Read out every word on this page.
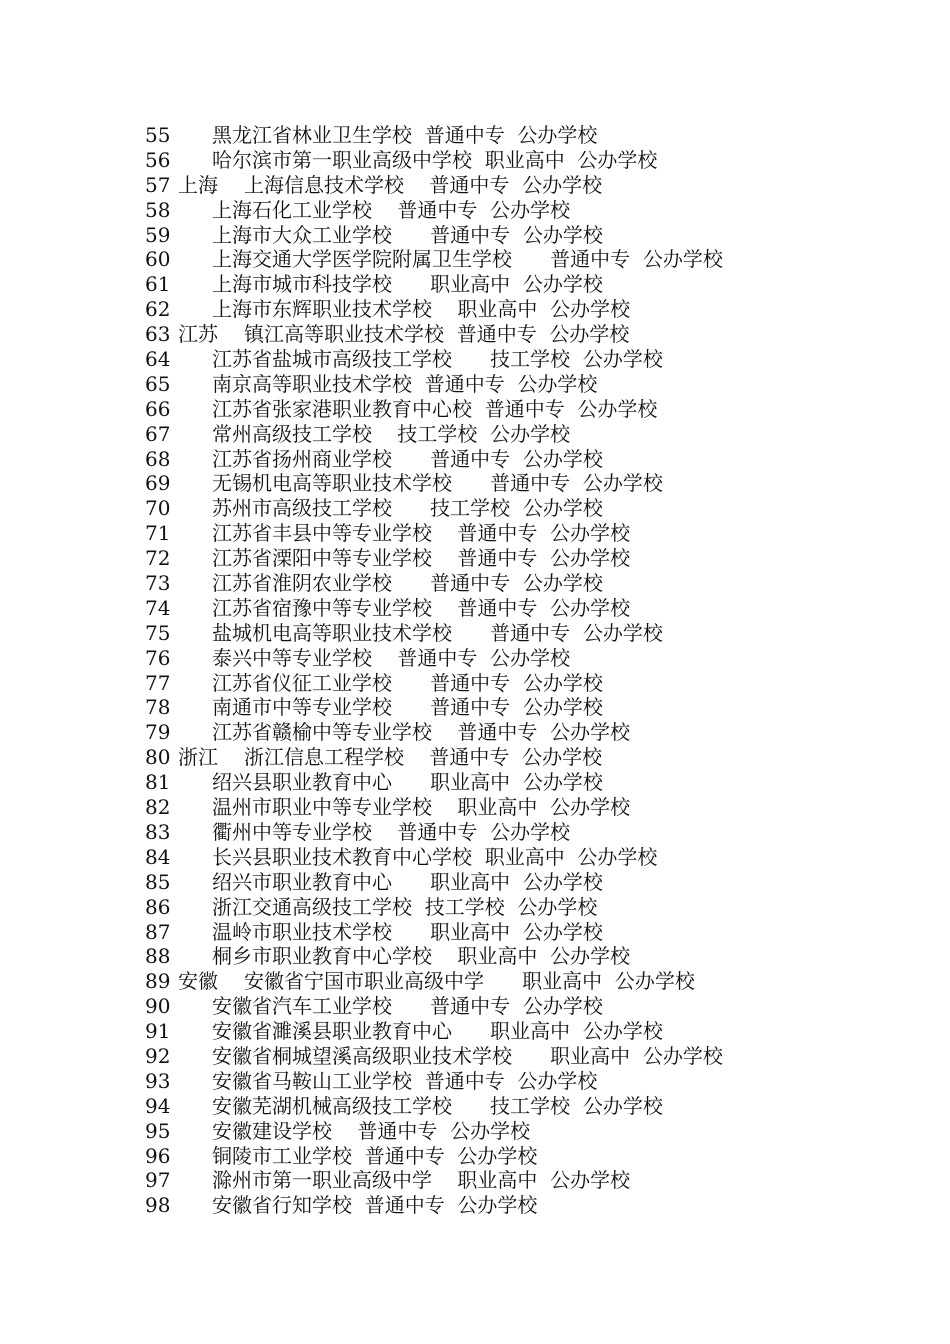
55 黑龙江省林业卫生学校  普通中专  公办学校
56 哈尔滨市第一职业高级中学校  职业高中  公办学校
57 上海 上海信息技术学校    普通中专  公办学校
58 上海石化工业学校    普通中专  公办学校
59 上海市大众工业学校      普通中专  公办学校
60 上海交通大学医学院附属卫生学校      普通中专  公办学校
61 上海市城市科技学校      职业高中  公办学校
62 上海市东辉职业技术学校    职业高中  公办学校
63 江苏 镇江高等职业技术学校  普通中专  公办学校
64 江苏省盐城市高级技工学校      技工学校  公办学校
65 南京高等职业技术学校  普通中专  公办学校
66 江苏省张家港职业教育中心校  普通中专  公办学校
67 常州高级技工学校    技工学校  公办学校
68 江苏省扬州商业学校      普通中专  公办学校
69 无锡机电高等职业技术学校      普通中专  公办学校
70 苏州市高级技工学校      技工学校  公办学校
71 江苏省丰县中等专业学校    普通中专  公办学校
72 江苏省溧阳中等专业学校    普通中专  公办学校
73 江苏省淮阴农业学校      普通中专  公办学校
74 江苏省宿豫中等专业学校    普通中专  公办学校
75 盐城机电高等职业技术学校      普通中专  公办学校
76 泰兴中等专业学校    普通中专  公办学校
77 江苏省仪征工业学校      普通中专  公办学校
78 南通市中等专业学校      普通中专  公办学校
79 江苏省赣榆中等专业学校    普通中专  公办学校
80 浙江 浙江信息工程学校    普通中专  公办学校
81 绍兴县职业教育中心      职业高中  公办学校
82 温州市职业中等专业学校    职业高中  公办学校
83 衢州中等专业学校    普通中专  公办学校
84 长兴县职业技术教育中心学校  职业高中  公办学校
85 绍兴市职业教育中心      职业高中  公办学校
86 浙江交通高级技工学校  技工学校  公办学校
87 温岭市职业技术学校      职业高中  公办学校
88 桐乡市职业教育中心学校    职业高中  公办学校
89 安徽 安徽省宁国市职业高级中学      职业高中  公办学校
90 安徽省汽车工业学校      普通中专  公办学校
91 安徽省濉溪县职业教育中心      职业高中  公办学校
92 安徽省桐城望溪高级职业技术学校      职业高中  公办学校
93 安徽省马鞍山工业学校  普通中专  公办学校
94 安徽芜湖机械高级技工学校      技工学校  公办学校
95 安徽建设学校    普通中专  公办学校
96 铜陵市工业学校  普通中专  公办学校
97 滁州市第一职业高级中学    职业高中  公办学校
98 安徽省行知学校  普通中专  公办学校
